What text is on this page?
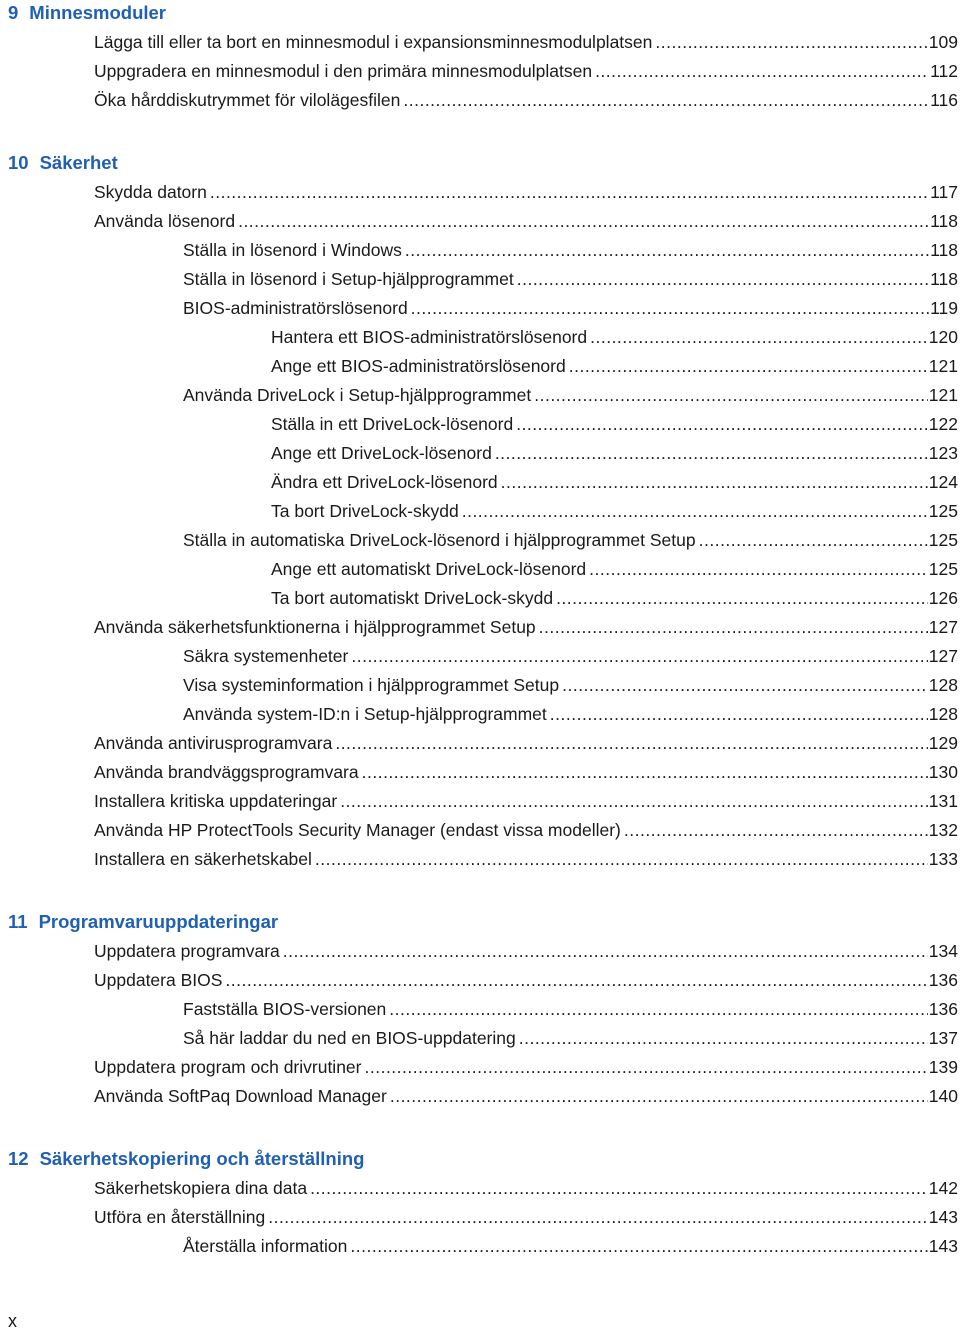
9 Minnesmoduler
Lägga till eller ta bort en minnesmodul i expansionsminnesmodulplatsen .....	109
Uppgradera en minnesmodul i den primära minnesmodulplatsen .....	112
Öka hårddiskutrymmet för vilolägesfilen .....	116
10 Säkerhet
Skydda datorn .....	117
Använda lösenord .....	118
Ställa in lösenord i Windows .....	118
Ställa in lösenord i Setup-hjälpprogrammet .....	118
BIOS-administratörslösenord .....	119
Hantera ett BIOS-administratörslösenord .....	120
Ange ett BIOS-administratörslösenord .....	121
Använda DriveLock i Setup-hjälpprogrammet .....	121
Ställa in ett DriveLock-lösenord .....	122
Ange ett DriveLock-lösenord .....	123
Ändra ett DriveLock-lösenord .....	124
Ta bort DriveLock-skydd .....	125
Ställa in automatiska DriveLock-lösenord i hjälpprogrammet Setup .....	125
Ange ett automatiskt DriveLock-lösenord .....	125
Ta bort automatiskt DriveLock-skydd .....	126
Använda säkerhetsfunktionerna i hjälpprogrammet Setup .....	127
Säkra systemenheter .....	127
Visa systeminformation i hjälpprogrammet Setup .....	128
Använda system-ID:n i Setup-hjälpprogrammet .....	128
Använda antivirusprogramvara .....	129
Använda brandväggsprogramvara .....	130
Installera kritiska uppdateringar .....	131
Använda HP ProtectTools Security Manager (endast vissa modeller) .....	132
Installera en säkerhetskabel .....	133
11 Programvaruuppdateringar
Uppdatera programvara .....	134
Uppdatera BIOS .....	136
Fastställa BIOS-versionen .....	136
Så här laddar du ned en BIOS-uppdatering .....	137
Uppdatera program och drivrutiner .....	139
Använda SoftPaq Download Manager .....	140
12 Säkerhetskopiering och återställning
Säkerhetskopiera dina data .....	142
Utföra en återställning .....	143
Återställa information .....	143
x
